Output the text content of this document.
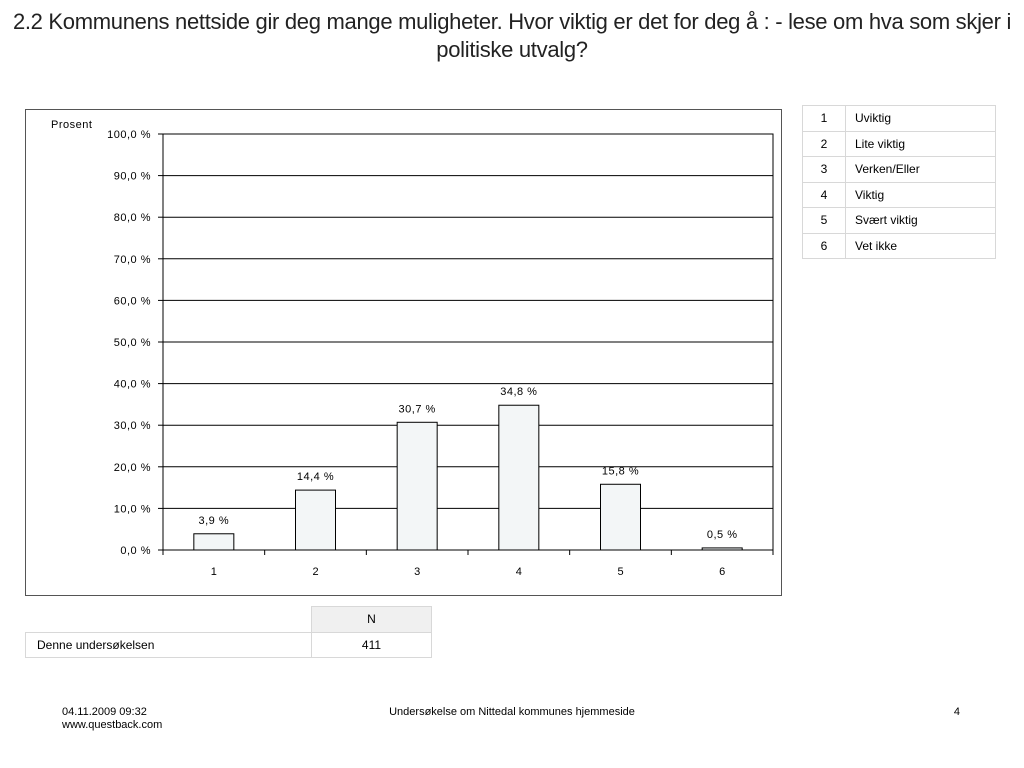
2.2 Kommunens nettside gir deg mange muligheter. Hvor viktig er det for deg å : - lese om hva som skjer i politiske utvalg?
0,0 %
10,0 %
20,0 %
30,0 %
40,0 %
50,0 %
60,0 %
70,0 %
80,0 %
90,0 %
100,0 %
Prosent
3,9 %
1
14,4 %
2
30,7 %
3
34,8 %
4
15,8 %
5
0,5 %
6
1	Uviktig
2	Lite viktig
3	Verken/Eller
4	Viktig
5	Svært viktig
6	Vet ikke
	N
Denne undersøkelsen	411
04.11.2009 09:32
www.questback.com
Undersøkelse om Nittedal kommunes hjemmeside	4
